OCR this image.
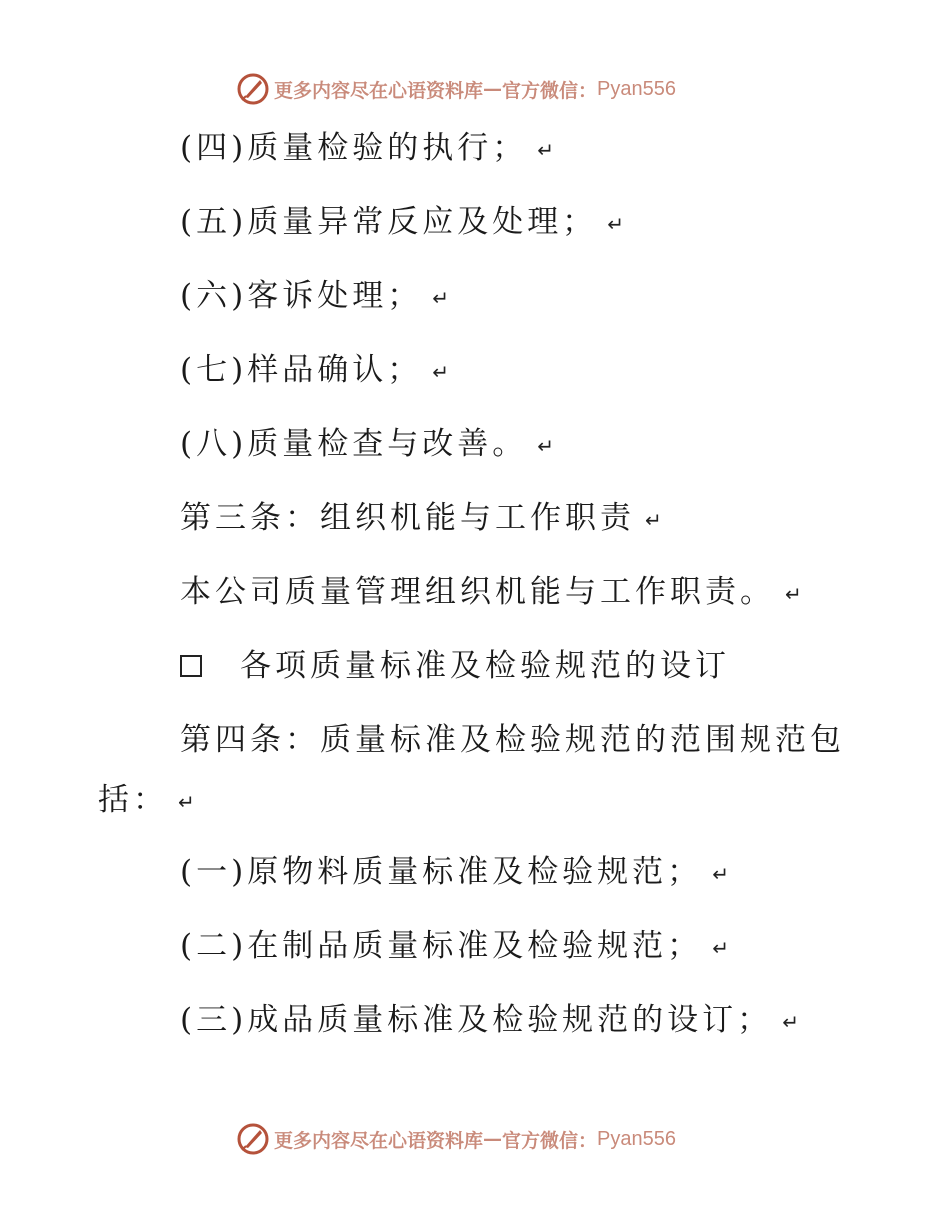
更多内容尽在心语资料库 — 官方微信： Pyan556
(四)质量检验的执行； ↵
(五)质量异常反应及处理； ↵
(六)客诉处理； ↵
(七)样品确认； ↵
(八)质量检查与改善。 ↵
第三条：组织机能与工作职责 ↵
本公司质量管理组织机能与工作职责。 ↵
各项质量标准及检验规范的设订
第四条：质量标准及检验规范的范围规范包
括： ↵
(一)原物料质量标准及检验规范； ↵
(二)在制品质量标准及检验规范； ↵
(三)成品质量标准及检验规范的设订； ↵
更多内容尽在心语资料库 — 官方微信： Pyan556
